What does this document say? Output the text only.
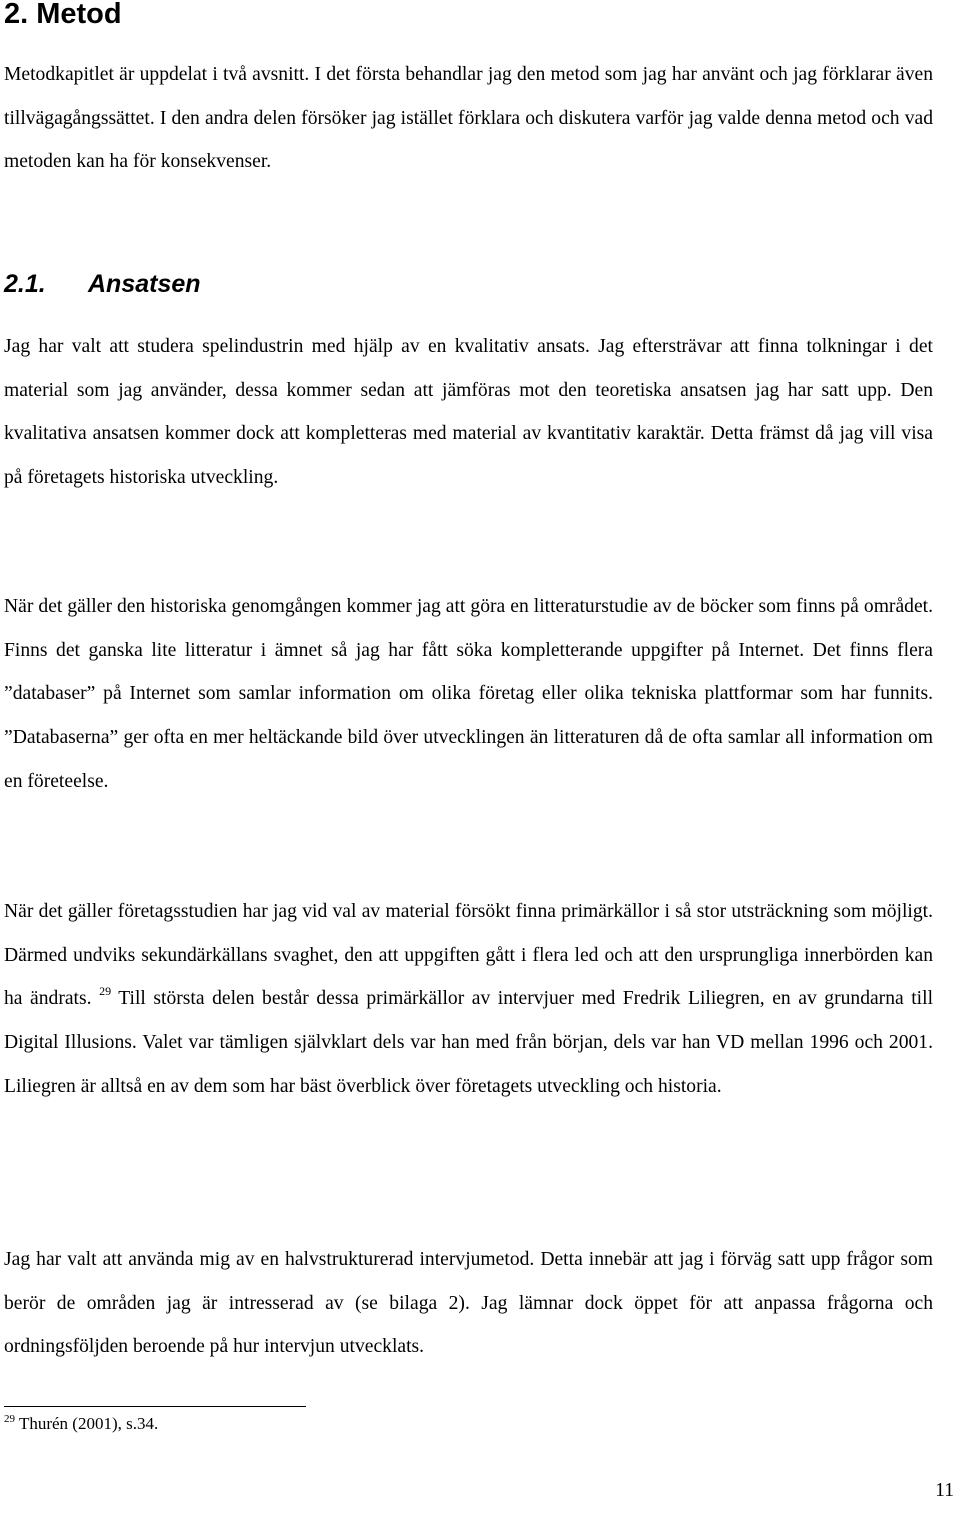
2. Metod

Metodkapitlet är uppdelat i två avsnitt. I det första behandlar jag den metod som jag har använt och jag förklarar även tillvägagångssättet. I den andra delen försöker jag istället förklara och diskutera varför jag valde denna metod och vad metoden kan ha för konsekvenser.

2.1. Ansatsen

Jag har valt att studera spelindustrin med hjälp av en kvalitativ ansats. Jag eftersträvar att finna tolkningar i det material som jag använder, dessa kommer sedan att jämföras mot den teoretiska ansatsen jag har satt upp. Den kvalitativa ansatsen kommer dock att kompletteras med material av kvantitativ karaktär. Detta främst då jag vill visa på företagets historiska utveckling.

När det gäller den historiska genomgången kommer jag att göra en litteraturstudie av de böcker som finns på området. Finns det ganska lite litteratur i ämnet så jag har fått söka kompletterande uppgifter på Internet. Det finns flera ”databaser” på Internet som samlar information om olika företag eller olika tekniska plattformar som har funnits. ”Databaserna” ger ofta en mer heltäckande bild över utvecklingen än litteraturen då de ofta samlar all information om en företeelse.

När det gäller företagsstudien har jag vid val av material försökt finna primärkällor i så stor utsträckning som möjligt. Därmed undviks sekundärkällans svaghet, den att uppgiften gått i flera led och att den ursprungliga innerbörden kan ha ändrats. $^{29}$ Till största delen består dessa primärkällor av intervjuer med Fredrik Liliegren, en av grundarna till Digital Illusions. Valet var tämligen självklart dels var han med från början, dels var han VD mellan 1996 och 2001. Liliegren är alltså en av dem som har bäst överblick över företagets utveckling och historia.

Jag har valt att använda mig av en halvstrukturerad intervjumetod. Detta innebär att jag i förväg satt upp frågor som berör de områden jag är intresserad av (se bilaga 2). Jag lämnar dock öppet för att anpassa frågorna och ordningsföljden beroende på hur intervjun utvecklats.

$^{29}$ Thurén (2001), s.34.
11
